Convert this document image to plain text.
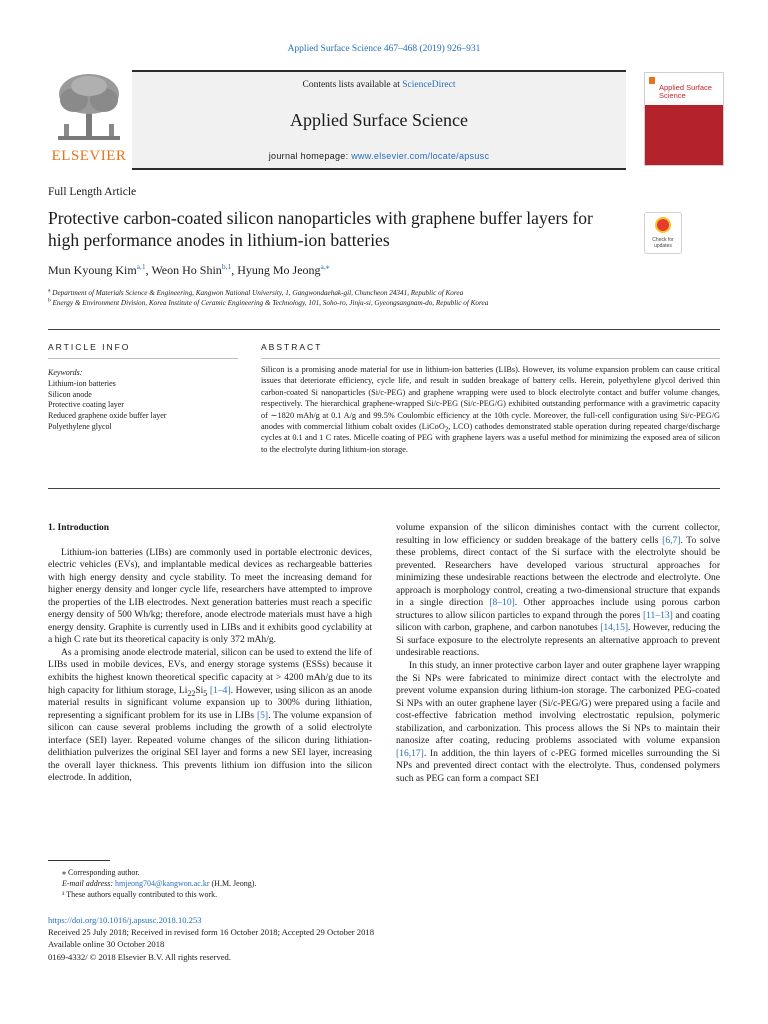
Applied Surface Science 467–468 (2019) 926–931
ELSEVIER
Contents lists available at ScienceDirect
Applied Surface Science
journal homepage: www.elsevier.com/locate/apsusc
Applied Surface Science
Full Length Article
Protective carbon-coated silicon nanoparticles with graphene buffer layers for high performance anodes in lithium-ion batteries	Check for updates
Mun Kyoung Kim$^{a,1}$, Weon Ho Shin$^{b,1}$, Hyung Mo Jeong$^{a,⁎}$
$^a$ Department of Materials Science & Engineering, Kangwon National University, 1, Gangwondaehak-gil, Chuncheon 24341, Republic of Korea
$^b$ Energy & Environment Division, Korea Institute of Ceramic Engineering & Technology, 101, Soho-ro, Jinju-si, Gyeongsangnam-do, Republic of Korea
ARTICLE INFO	ABSTRACT
Keywords:
Lithium-ion batteries
Silicon anode
Protective coating layer
Reduced graphene oxide buffer layer
Polyethylene glycol
Silicon is a promising anode material for use in lithium-ion batteries (LIBs). However, its volume expansion problem can cause critical issues that deteriorate efficiency, cycle life, and result in sudden breakage of battery cells. Herein, polyethylene glycol derived thin carbon-coated Si nanoparticles (Si/c-PEG) and graphene wrapping were used to block electrolyte contact and buffer volume changes, respectively. The hierarchical graphene-wrapped Si/c-PEG (Si/c-PEG/G) exhibited outstanding performance with a gravimetric capacity of ∼1820 mAh/g at 0.1 A/g and 99.5% Coulombic efficiency at the 10th cycle. Moreover, the full-cell configuration using Si/c-PEG/G anodes with commercial lithium cobalt oxides (LiCoO$_2$, LCO) cathodes demonstrated stable operation during repeated charge/discharge cycles at 0.1 and 1 C rates. Micelle coating of PEG with graphene layers was a useful method for minimizing the exposed area of silicon to the electrolyte during lithium-ion storage.

1. Introduction

Lithium-ion batteries (LIBs) are commonly used in portable electronic devices, electric vehicles (EVs), and implantable medical devices as rechargeable batteries with high energy density and cycle stability. To meet the increasing demand for higher energy density and longer cycle life, researchers have attempted to improve the properties of the LIB electrodes. Next generation batteries must reach a specific energy density of 500 Wh/kg; therefore, anode electrode materials must have a high energy density. Graphite is currently used in LIBs and it exhibits good cyclability at a high C rate but its theoretical capacity is only 372 mAh/g.

As a promising anode electrode material, silicon can be used to extend the life of LIBs used in mobile devices, EVs, and energy storage systems (ESSs) because it exhibits the highest known theoretical specific capacity at > 4200 mAh/g due to its high capacity for lithium storage, $Li_{22}Si_5$ [1–4]. However, using silicon as an anode material results in significant volume expansion up to 300% during lithiation, representing a significant problem for its use in LIBs [5]. The volume expansion of silicon can cause several problems including the growth of a solid electrolyte interface (SEI) layer. Repeated volume changes of the silicon during lithiation-delithiation pulverizes the original SEI layer and forms a new SEI layer, increasing the overall layer thickness. This prevents lithium ion diffusion into the silicon electrode. In addition,

volume expansion of the silicon diminishes contact with the current collector, resulting in low efficiency or sudden breakage of the battery cells [6,7]. To solve these problems, direct contact of the Si surface with the electrolyte should be prevented. Researchers have developed various structural approaches for minimizing these undesirable reactions between the electrode and electrolyte. One approach is morphology control, creating a two-dimensional structure that expands in a single direction [8–10]. Other approaches include using porous carbon structures to allow silicon particles to expand through the pores [11–13] and coating silicon with carbon, graphene, and carbon nanotubes [14,15]. However, reducing the Si surface exposure to the electrolyte represents an alternative approach to prevent undesirable reactions.

In this study, an inner protective carbon layer and outer graphene layer wrapping the Si NPs were fabricated to minimize direct contact with the electrolyte and prevent volume expansion during lithium-ion storage. The carbonized PEG-coated Si NPs with an outer graphene layer (Si/c-PEG/G) were prepared using a facile and cost-effective fabrication method involving electrostatic repulsion, polymeric stabilization, and carbonization. This process allows the Si NPs to maintain their nanosize after coating, reducing problems associated with volume expansion [16,17]. In addition, the thin layers of c-PEG formed micelles surrounding the Si NPs and prevented direct contact with the electrolyte. Thus, condensed polymers such as PEG can form a compact SEI

⁎ Corresponding author.
E-mail address: hmjeong704@kangwon.ac.kr (H.M. Jeong).
¹ These authors equally contributed to this work.
https://doi.org/10.1016/j.apsusc.2018.10.253
Received 25 July 2018; Received in revised form 16 October 2018; Accepted 29 October 2018
Available online 30 October 2018
0169-4332/ © 2018 Elsevier B.V. All rights reserved.
